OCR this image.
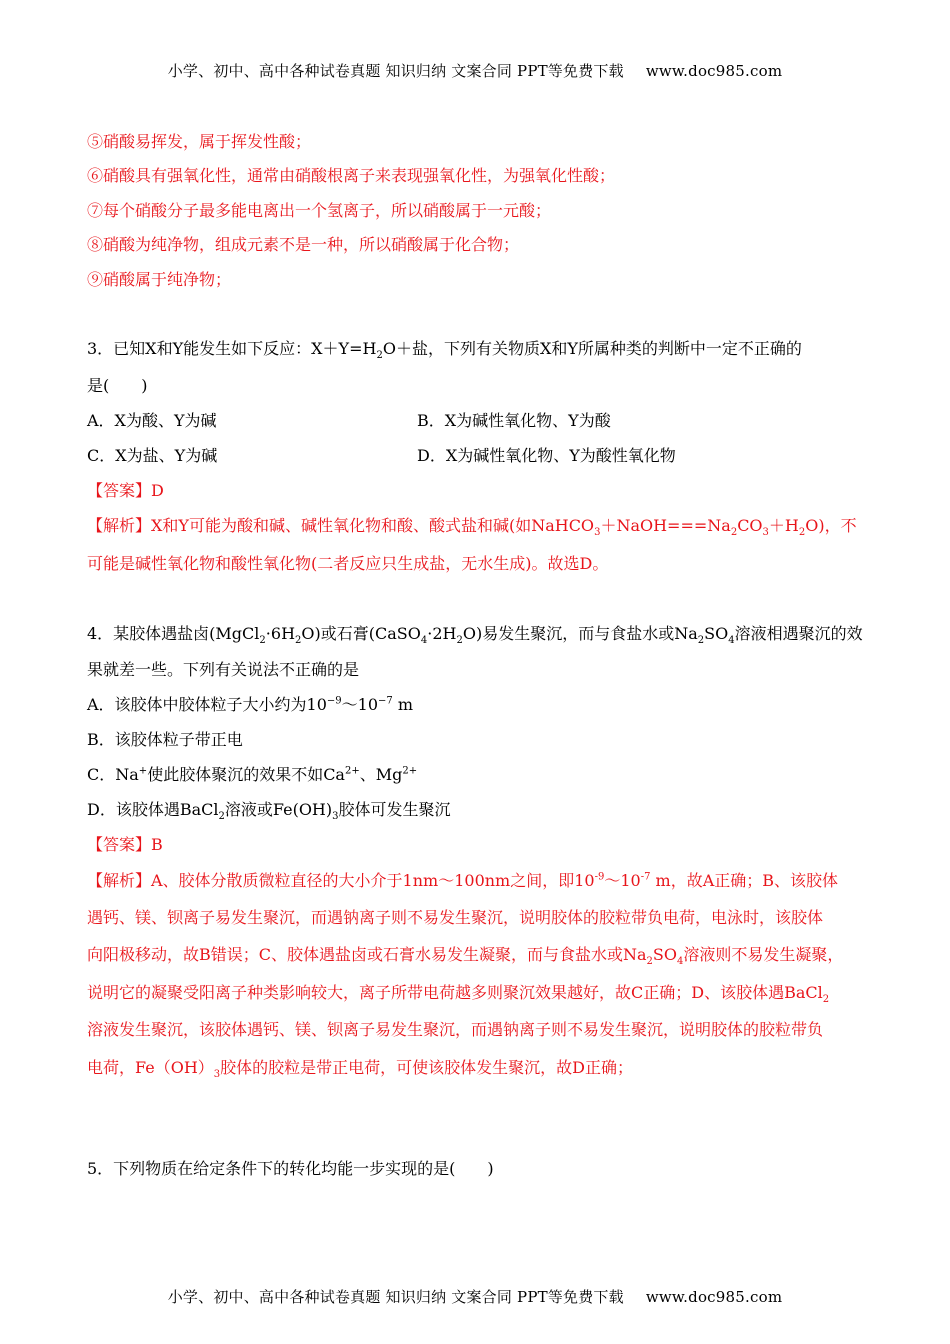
小学、初中、高中各种试卷真题 知识归纳 文案合同 PPT等免费下载 www.doc985.com
⑤硝酸易挥发，属于挥发性酸；
⑥硝酸具有强氧化性，通常由硝酸根离子来表现强氧化性，为强氧化性酸；
⑦每个硝酸分子最多能电离出一个氢离子，所以硝酸属于一元酸；
⑧硝酸为纯净物，组成元素不是一种，所以硝酸属于化合物；
⑨硝酸属于纯净物；
3．已知X和Y能发生如下反应：$X+Y=H_2O+$盐，下列有关物质X和Y所属种类的判断中一定不正确的
是(　　)
A．X为酸、Y为碱	B．X为碱性氧化物、Y为酸
C．X为盐、Y为碱	D．X为碱性氧化物、Y为酸性氧化物
【答案】D
【解析】X和Y可能为酸和碱、碱性氧化物和酸、酸式盐和碱(如$NaHCO_3+NaOH===Na_2CO_3+H_2O$)，不
可能是碱性氧化物和酸性氧化物(二者反应只生成盐，无水生成)。故选D。
4．某胶体遇盐卤$(MgCl_2\cdot 6H_2O)$或石膏$(CaSO_4\cdot 2H_2O)$易发生聚沉，而与食盐水或$Na_2SO_4$溶液相遇聚沉的效
果就差一些。下列有关说法不正确的是
A．该胶体中胶体粒子大小约为$10^{-9}\sim 10^{-7}$ m
B．该胶体粒子带正电
C．Na+使此胶体聚沉的效果不如$Ca^{2+}$、$Mg^{2+}$
D．该胶体遇BaCl$_2$溶液或$Fe(OH)_3$胶体可发生聚沉
【答案】B
【解析】A、胶体分散质微粒直径的大小介于1nm～100nm之间，即$10^{-9}\sim 10^{-7}$ m，故A正确；B、该胶体
遇钙、镁、钡离子易发生聚沉，而遇钠离子则不易发生聚沉，说明胶体的胶粒带负电荷，电泳时，该胶体
向阳极移动，故B错误；C、胶体遇盐卤或石膏水易发生凝聚，而与食盐水或$Na_2SO_4$溶液则不易发生凝聚，
说明它的凝聚受阳离子种类影响较大，离子所带电荷越多则聚沉效果越好，故C正确；D、该胶体遇BaCl$_2$
溶液发生聚沉，该胶体遇钙、镁、钡离子易发生聚沉，而遇钠离子则不易发生聚沉，说明胶体的胶粒带负
电荷，$Fe(OH)_3$胶体的胶粒是带正电荷，可使该胶体发生聚沉，故D正确；
5．下列物质在给定条件下的转化均能一步实现的是(　　)
小学、初中、高中各种试卷真题 知识归纳 文案合同 PPT等免费下载 www.doc985.com
